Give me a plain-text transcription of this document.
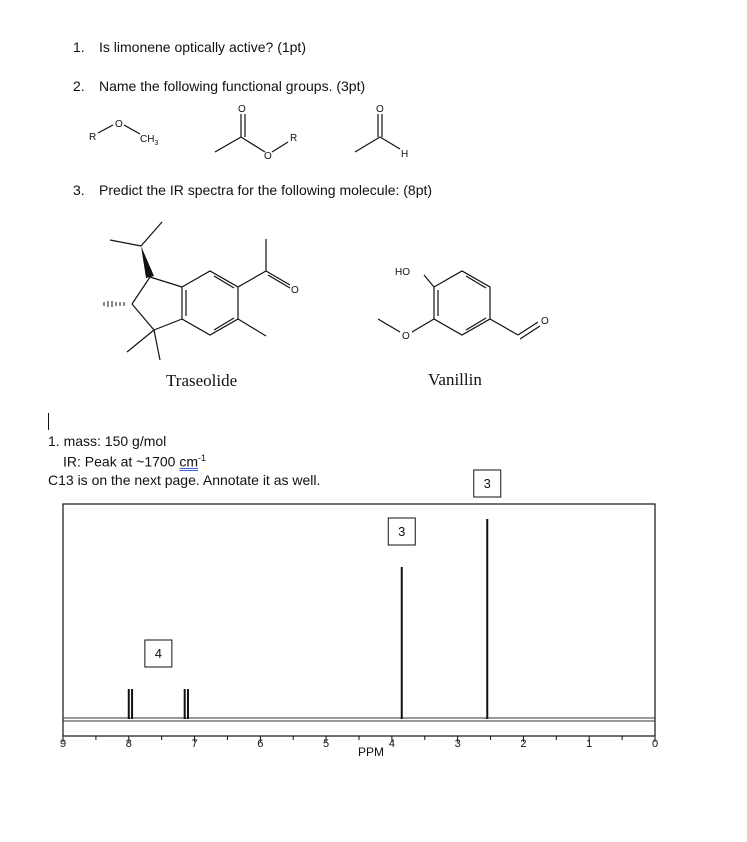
1. Is limonene optically active? (1pt)
2. Name the following functional groups. (3pt)
3. Predict the IR spectra for the following molecule: (8pt)
R
O
$CH_3$
O
O
R
O
H
O
HO
O
O
Traseolide	Vanillin
1. mass: 150 g/mol
IR: Peak at ~1700 $cm^{-1}$
C13 is on the next page. Annotate it as well.
9	8	7	6	5	4	3	2	1	0
4
3
3
PPM
